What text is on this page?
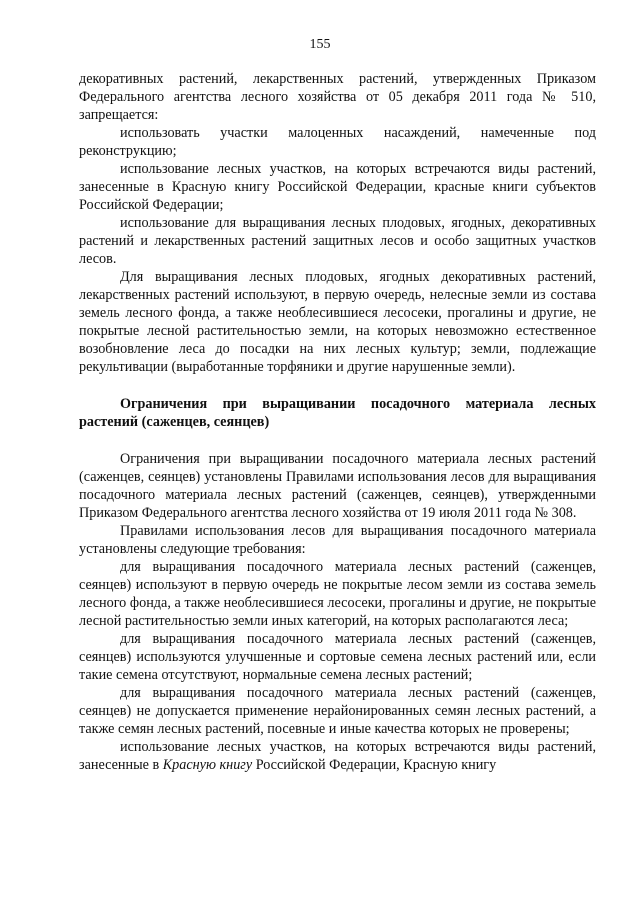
155

декоративных растений, лекарственных растений, утвержденных Приказом Федерального агентства лесного хозяйства от 05 декабря 2011 года № 510, запрещается:

использовать участки малоценных насаждений, намеченные под реконструкцию;

использование лесных участков, на которых встречаются виды растений, занесенные в Красную книгу Российской Федерации, красные книги субъектов Российской Федерации;

использование для выращивания лесных плодовых, ягодных, декоративных растений и лекарственных растений защитных лесов и особо защитных участков лесов.

Для выращивания лесных плодовых, ягодных декоративных растений, лекарственных растений используют, в первую очередь, нелесные земли из состава земель лесного фонда, а также необлесившиеся лесосеки, прогалины и другие, не покрытые лесной растительностью земли, на которых невозможно естественное возобновление леса до посадки на них лесных культур; земли, подлежащие рекультивации (выработанные торфяники и другие нарушенные земли).

Ограничения при выращивании посадочного материала лесных растений (саженцев, сеянцев)

Ограничения при выращивании посадочного материала лесных растений (саженцев, сеянцев) установлены Правилами использования лесов для выращивания посадочного материала лесных растений (саженцев, сеянцев), утвержденными Приказом Федерального агентства лесного хозяйства от 19 июля 2011 года № 308.

Правилами использования лесов для выращивания посадочного материала установлены следующие требования:

для выращивания посадочного материала лесных растений (саженцев, сеянцев) используют в первую очередь не покрытые лесом земли из состава земель лесного фонда, а также необлесившиеся лесосеки, прогалины и другие, не покрытые лесной растительностью земли иных категорий, на которых располагаются леса;

для выращивания посадочного материала лесных растений (саженцев, сеянцев) используются улучшенные и сортовые семена лесных растений или, если такие семена отсутствуют, нормальные семена лесных растений;

для выращивания посадочного материала лесных растений (саженцев, сеянцев) не допускается применение нерайонированных семян лесных растений, а также семян лесных растений, посевные и иные качества которых не проверены;

использование лесных участков, на которых встречаются виды растений, занесенные в Красную книгу Российской Федерации, Красную книгу
